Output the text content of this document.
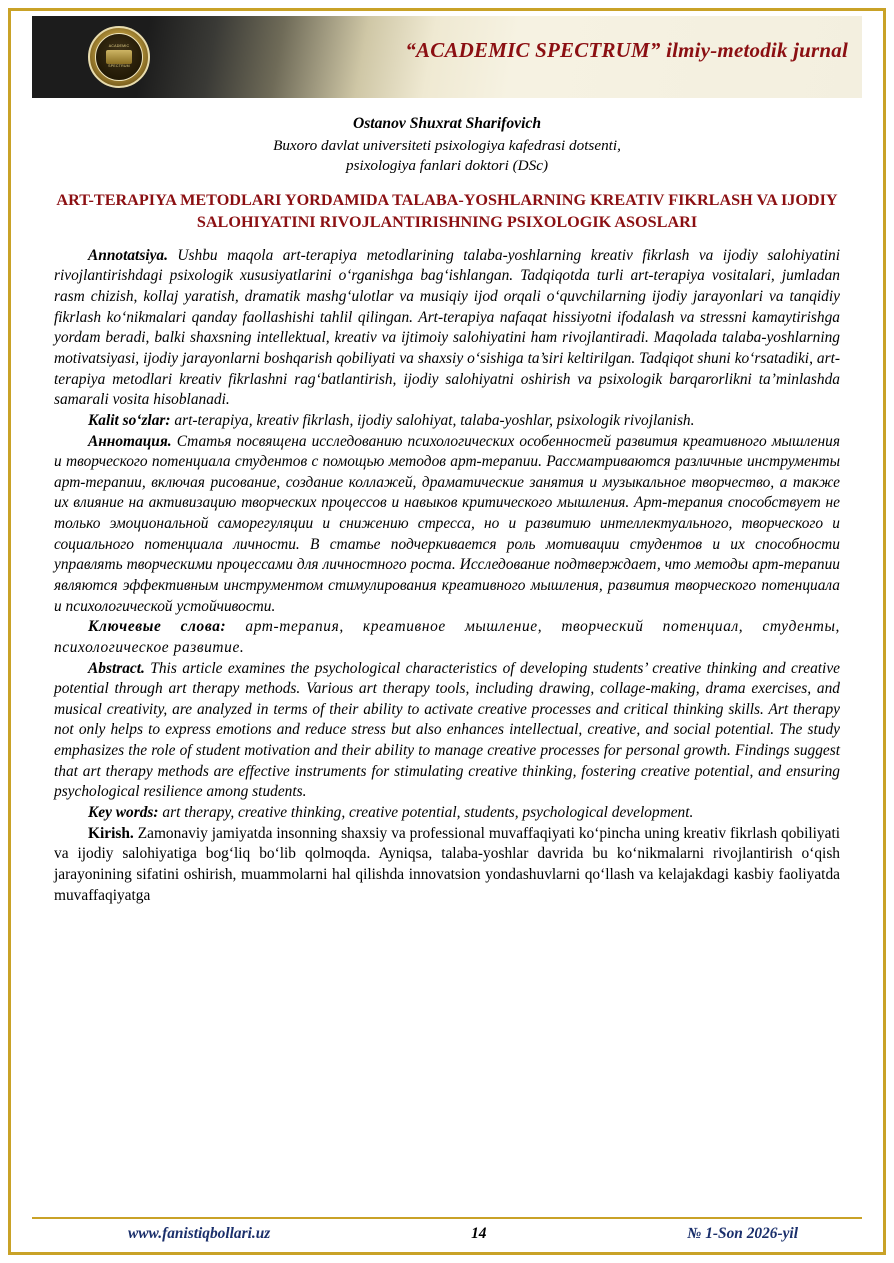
ACADEMIC
SPECTRUM
“ACADEMIC SPECTRUM” ilmiy-metodik jurnal
Ostanov Shuxrat Sharifovich
Buxoro davlat universiteti psixologiya kafedrasi dotsenti,
psixologiya fanlari doktori (DSc)
ART-TERAPIYA METODLARI YORDAMIDA TALABA-YOSHLARNING KREATIV FIKRLASH VA IJODIY SALOHIYATINI RIVOJLANTIRISHNING PSIXOLOGIK ASOSLARI

Annotatsiya. Ushbu maqola art-terapiya metodlarining talaba-yoshlarning kreativ fikrlash va ijodiy salohiyatini rivojlantirishdagi psixologik xususiyatlarini o‘rganishga bag‘ishlangan. Tadqiqotda turli art-terapiya vositalari, jumladan rasm chizish, kollaj yaratish, dramatik mashg‘ulotlar va musiqiy ijod orqali o‘quvchilarning ijodiy jarayonlari va tanqidiy fikrlash ko‘nikmalari qanday faollashishi tahlil qilingan. Art-terapiya nafaqat hissiyotni ifodalash va stressni kamaytirishga yordam beradi, balki shaxsning intellektual, kreativ va ijtimoiy salohiyatini ham rivojlantiradi. Maqolada talaba-yoshlarning motivatsiyasi, ijodiy jarayonlarni boshqarish qobiliyati va shaxsiy o‘sishiga ta’siri keltirilgan. Tadqiqot shuni ko‘rsatadiki, art-terapiya metodlari kreativ fikrlashni rag‘batlantirish, ijodiy salohiyatni oshirish va psixologik barqarorlikni ta’minlashda samarali vosita hisoblanadi.

Kalit so‘zlar: art-terapiya, kreativ fikrlash, ijodiy salohiyat, talaba-yoshlar, psixologik rivojlanish.

Аннотация. Статья посвящена исследованию психологических особенностей развития креативного мышления и творческого потенциала студентов с помощью методов арт-терапии. Рассматриваются различные инструменты арт-терапии, включая рисование, создание коллажей, драматические занятия и музыкальное творчество, а также их влияние на активизацию творческих процессов и навыков критического мышления. Арт-терапия способствует не только эмоциональной саморегуляции и снижению стресса, но и развитию интеллектуального, творческого и социального потенциала личности. В статье подчеркивается роль мотивации студентов и их способности управлять творческими процессами для личностного роста. Исследование подтверждает, что методы арт-терапии являются эффективным инструментом стимулирования креативного мышления, развития творческого потенциала и психологической устойчивости.

Ключевые слова: арт-терапия, креативное мышление, творческий потенциал, студенты, психологическое развитие.

Abstract. This article examines the psychological characteristics of developing students’ creative thinking and creative potential through art therapy methods. Various art therapy tools, including drawing, collage-making, drama exercises, and musical creativity, are analyzed in terms of their ability to activate creative processes and critical thinking skills. Art therapy not only helps to express emotions and reduce stress but also enhances intellectual, creative, and social potential. The study emphasizes the role of student motivation and their ability to manage creative processes for personal growth. Findings suggest that art therapy methods are effective instruments for stimulating creative thinking, fostering creative potential, and ensuring psychological resilience among students.

Key words: art therapy, creative thinking, creative potential, students, psychological development.

Kirish. Zamonaviy jamiyatda insonning shaxsiy va professional muvaffaqiyati ko‘pincha uning kreativ fikrlash qobiliyati va ijodiy salohiyatiga bog‘liq bo‘lib qolmoqda. Ayniqsa, talaba-yoshlar davrida bu ko‘nikmalarni rivojlantirish o‘qish jarayonining sifatini oshirish, muammolarni hal qilishda innovatsion yondashuvlarni qo‘llash va kelajakdagi kasbiy faoliyatda muvaffaqiyatga

www.fanistiqbollari.uz	14	№ 1-Son 2026-yil
